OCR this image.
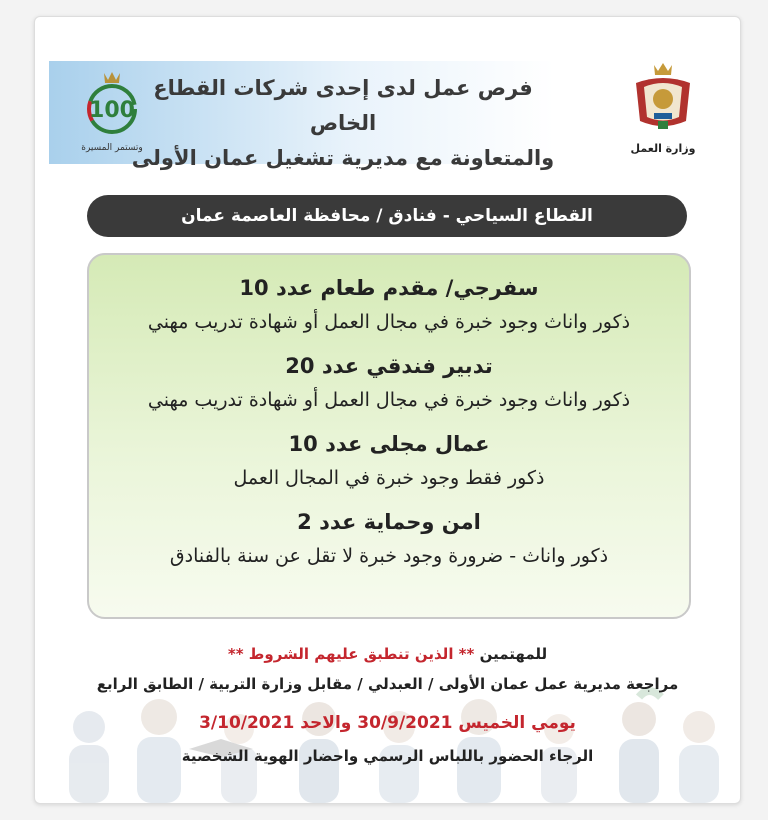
100
وتستمر المسيرة
فرص عمل لدى إحدى شركات القطاع الخاص
والمتعاونة مع مديرية تشغيل عمان الأولى	وزارة العمل
القطاع السياحي - فنادق / محافظة العاصمة عمان
سفرجي/ مقدم طعام عدد 10
ذكور واناث وجود خبرة في مجال العمل أو شهادة تدريب مهني
تدبير فندقي عدد 20
ذكور واناث وجود خبرة في مجال العمل أو شهادة تدريب مهني
عمال مجلى عدد 10
ذكور فقط وجود خبرة في المجال العمل
امن وحماية عدد 2
ذكور واناث - ضرورة وجود خبرة لا تقل عن سنة بالفنادق
للمهتمين ** الذين تنطبق عليهم الشروط **
مراجعة مديرية عمل عمان الأولى / العبدلي / مقابل وزارة التربية / الطابق الرابع
يومي الخميس 30/9/2021 والاحد 3/10/2021
الرجاء الحضور باللباس الرسمي واحضار الهوية الشخصية
